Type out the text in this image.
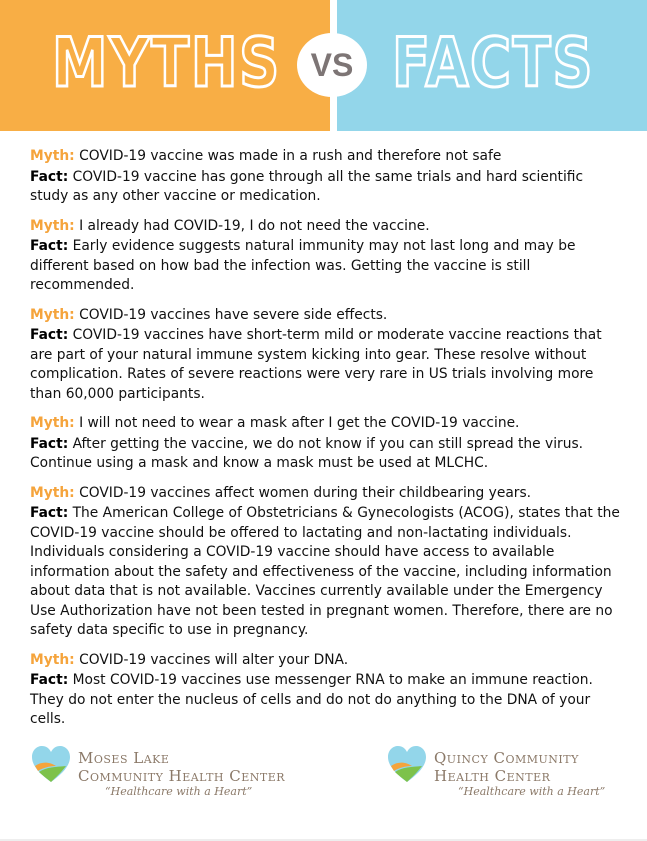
MYTHS VS FACTS
Myth: COVID-19 vaccine was made in a rush and therefore not safe
Fact: COVID-19 vaccine has gone through all the same trials and hard scientific study as any other vaccine or medication.
Myth: I already had COVID-19, I do not need the vaccine.
Fact: Early evidence suggests natural immunity may not last long and may be different based on how bad the infection was. Getting the vaccine is still recommended.
Myth: COVID-19 vaccines have severe side effects.
Fact: COVID-19 vaccines have short-term mild or moderate vaccine reactions that are part of your natural immune system kicking into gear. These resolve without complication. Rates of severe reactions were very rare in US trials involving more than 60,000 participants.
Myth: I will not need to wear a mask after I get the COVID-19 vaccine.
Fact: After getting the vaccine, we do not know if you can still spread the virus. Continue using a mask and know a mask must be used at MLCHC.
Myth: COVID-19 vaccines affect women during their childbearing years.
Fact: The American College of Obstetricians & Gynecologists (ACOG), states that the COVID-19 vaccine should be offered to lactating and non-lactating individuals. Individuals considering a COVID-19 vaccine should have access to available information about the safety and effectiveness of the vaccine, including information about data that is not available. Vaccines currently available under the Emergency Use Authorization have not been tested in pregnant women. Therefore, there are no safety data specific to use in pregnancy.
Myth: COVID-19 vaccines will alter your DNA.
Fact: Most COVID-19 vaccines use messenger RNA to make an immune reaction. They do not enter the nucleus of cells and do not do anything to the DNA of your cells.
Moses Lake
Community Health Center
“Healthcare with a Heart”
Quincy Community
Health Center
“Healthcare with a Heart”
